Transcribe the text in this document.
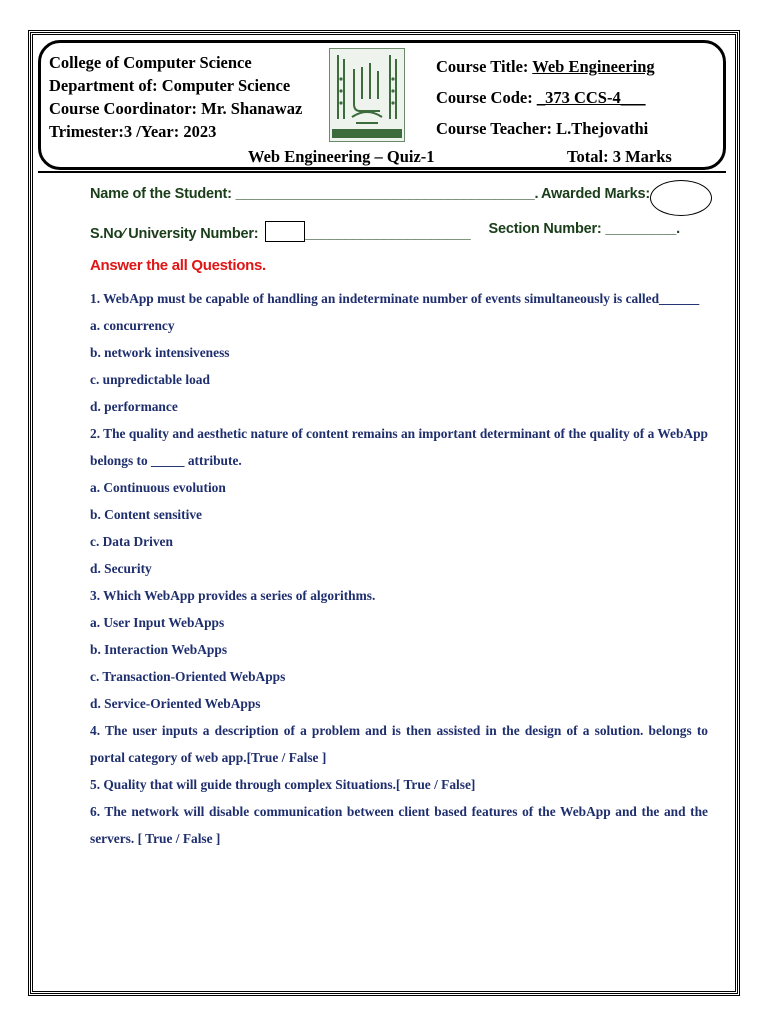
College of Computer Science
Department of: Computer Science
Course Coordinator: Mr. Shanawaz
Trimester:3 /Year: 2023
Course Title: Web Engineering
Course Code: _373 CCS-4___
Course Teacher: L.Thejovathi
Web Engineering – Quiz-1	Total: 3 Marks
Name of the Student: ______________________________________. Awarded Marks:
S.No⁄ University Number:	_____________________ Section Number: _________.
Answer the all Questions.

1. WebApp must be capable of handling an indeterminate number of events simultaneously is called______

a. concurrency

b. network intensiveness

c. unpredictable load

d. performance

2. The quality and aesthetic nature of content remains an important determinant of the quality of a WebApp belongs to _____ attribute.

a. Continuous evolution

b. Content sensitive

c. Data Driven

d. Security

3. Which WebApp provides a series of algorithms.

a. User Input WebApps

b. Interaction WebApps

c. Transaction-Oriented WebApps

d. Service-Oriented WebApps

4. The user inputs a description of a problem and is then assisted in the design of a solution. belongs to portal category of web app.[True / False ]

5. Quality that will guide through complex Situations.[ True / False]

6. The network will disable communication between client based features of the WebApp and the and the servers. [ True / False ]
